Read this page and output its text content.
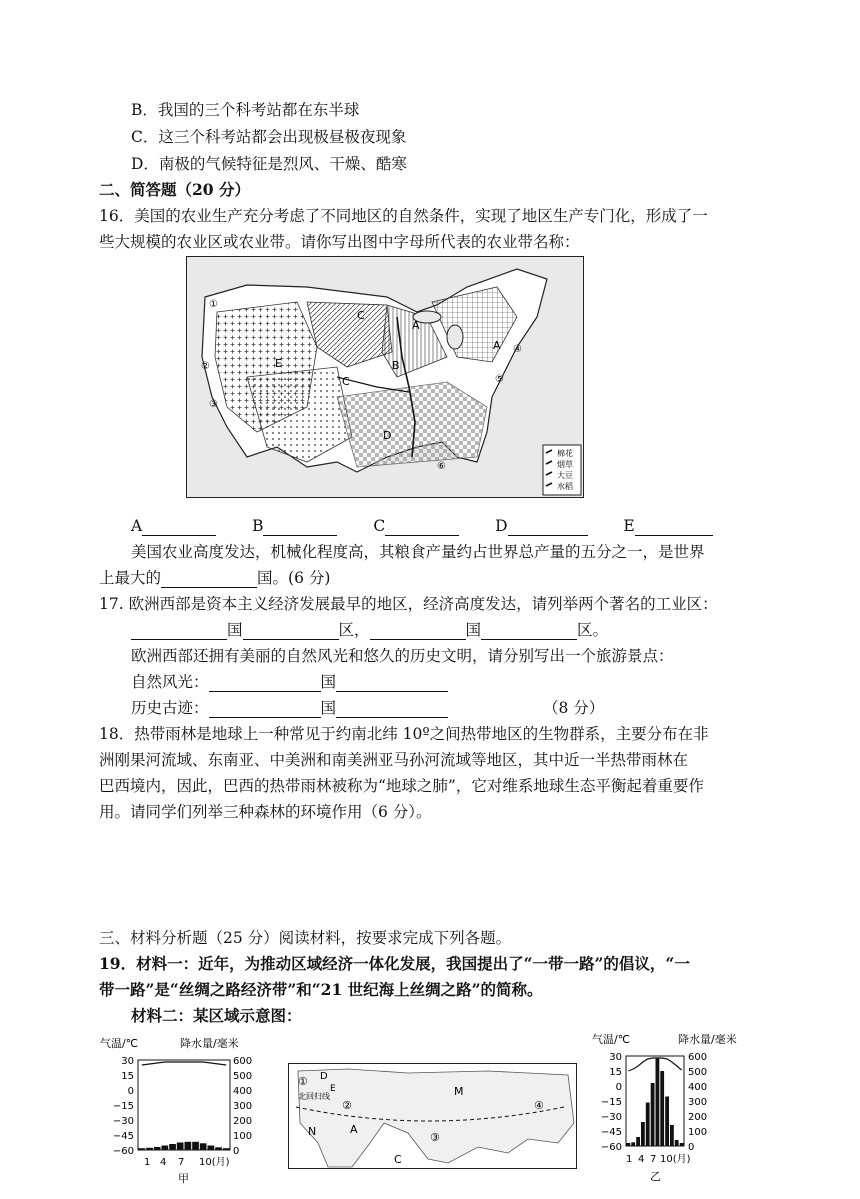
B．我国的三个科考站都在东半球
C．这三个科考站都会出现极昼极夜现象
D．南极的气候特征是烈风、干燥、酷寒
二、简答题（20 分）
16．美国的农业生产充分考虑了不同地区的自然条件，实现了地区生产专门化，形成了一
些大规模的农业区或农业带。请你写出图中字母所代表的农业带名称：
A
A
B
C
C
D
E
①
②
③
④
⑤
⑥
棉花
烟草
大豆
水稻
A	B	C	D	E
美国农业高度发达，机械化程度高，其粮食产量约占世界总产量的五分之一，是世界
上最大的	国。(6 分)
17. 欧洲西部是资本主义经济发展最早的地区，经济高度发达，请列举两个著名的工业区：
国	区，	国	区。
欧洲西部还拥有美丽的自然风光和悠久的历史文明，请分别写出一个旅游景点：
自然风光：	国
历史古迹：	国	（8 分）
18．热带雨林是地球上一种常见于约南北纬 10º之间热带地区的生物群系，主要分布在非
洲刚果河流域、东南亚、中美洲和南美洲亚马孙河流域等地区，其中近一半热带雨林在
巴西境内，因此，巴西的热带雨林被称为“地球之肺”，它对维系地球生态平衡起着重要作
用。请同学们列举三种森林的环境作用（6 分）。
三、材料分析题（25 分）阅读材料，按要求完成下列各题。
19．材料一：近年，为推动区域经济一体化发展，我国提出了“一带一路”的倡议，“一
带一路”是“丝绸之路经济带”和“21 世纪海上丝绸之路”的简称。
材料二：某区域示意图：
气温/℃	降水量/毫米
30
15
0
−15
−30
−45
−60
600
500
400
300
200
100
0
1 4 7 10(月)
甲
北回归线
①
②
③
④
M
N	A
C
D
E
气温/℃	降水量/毫米
30
15
0
−15
−30
−45
−60
600
500
400
300
200
100
0
1 4 7 10(月)
乙
